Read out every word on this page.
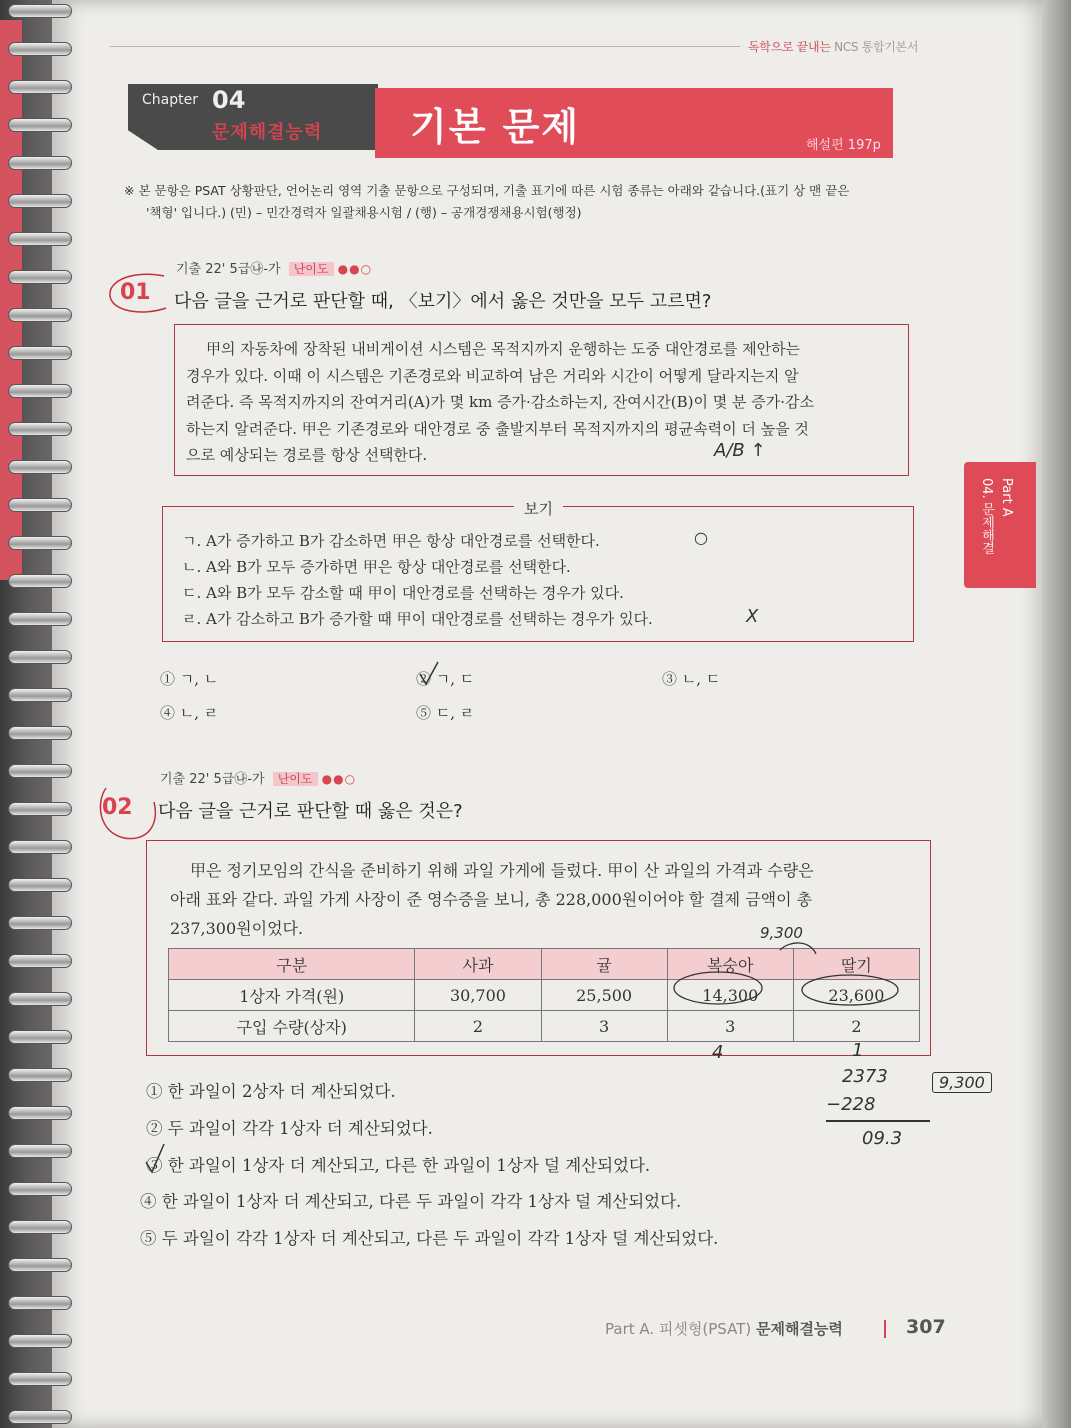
독학으로 끝내는 NCS 통합기본서
Chapter 04
문제해결능력 기본 문제	해설편 197p
※ 본 문항은 PSAT 상황판단, 언어논리 영역 기출 문항으로 구성되며, 기출 표기에 따른 시험 종류는 아래와 같습니다.(표기 상 맨 끝은
'책형' 입니다.) (민) – 민간경력자 일괄채용시험 / (행) – 공개경쟁채용시험(행정)
Part A
04. 문제해결
기출 22' 5급㉯-가 난이도 ●●○
01 다음 글을 근거로 판단할 때, 〈보기〉에서 옳은 것만을 모두 고르면?
甲의 자동차에 장착된 내비게이션 시스템은 목적지까지 운행하는 도중 대안경로를 제안하는
경우가 있다. 이때 이 시스템은 기존경로와 비교하여 남은 거리와 시간이 어떻게 달라지는지 알
려준다. 즉 목적지까지의 잔여거리(A)가 몇 km 증가·감소하는지, 잔여시간(B)이 몇 분 증가·감소
하는지 알려준다. 甲은 기존경로와 대안경로 중 출발지부터 목적지까지의 평균속력이 더 높을 것
으로 예상되는 경로를 항상 선택한다.	A/B ↑
보기
ㄱ. A가 증가하고 B가 감소하면 甲은 항상 대안경로를 선택한다.
ㄴ. A와 B가 모두 증가하면 甲은 항상 대안경로를 선택한다.
ㄷ. A와 B가 모두 감소할 때 甲이 대안경로를 선택하는 경우가 있다.
ㄹ. A가 감소하고 B가 증가할 때 甲이 대안경로를 선택하는 경우가 있다.
○
X
① ㄱ, ㄴ	② ㄱ, ㄷ	③ ㄴ, ㄷ
④ ㄴ, ㄹ	⑤ ㄷ, ㄹ
기출 22' 5급㉯-가 난이도 ●●○
02 다음 글을 근거로 판단할 때 옳은 것은?
甲은 정기모임의 간식을 준비하기 위해 과일 가게에 들렀다. 甲이 산 과일의 가격과 수량은
아래 표와 같다. 과일 가게 사장이 준 영수증을 보니, 총 228,000원이어야 할 결제 금액이 총
237,300원이었다.	9,300
구분	사과	귤	복숭아	딸기
1상자 가격(원)	30,700	25,500	14,300	23,600
구입 수량(상자)	2	3	3	2
4	1
2373
−228
09.3
9,300
① 한 과일이 2상자 더 계산되었다.
② 두 과일이 각각 1상자 더 계산되었다.
③ 한 과일이 1상자 더 계산되고, 다른 한 과일이 1상자 덜 계산되었다.
④ 한 과일이 1상자 더 계산되고, 다른 두 과일이 각각 1상자 덜 계산되었다.
⑤ 두 과일이 각각 1상자 더 계산되고, 다른 두 과일이 각각 1상자 덜 계산되었다.
Part A. 피셋형(PSAT) 문제해결능력	307
